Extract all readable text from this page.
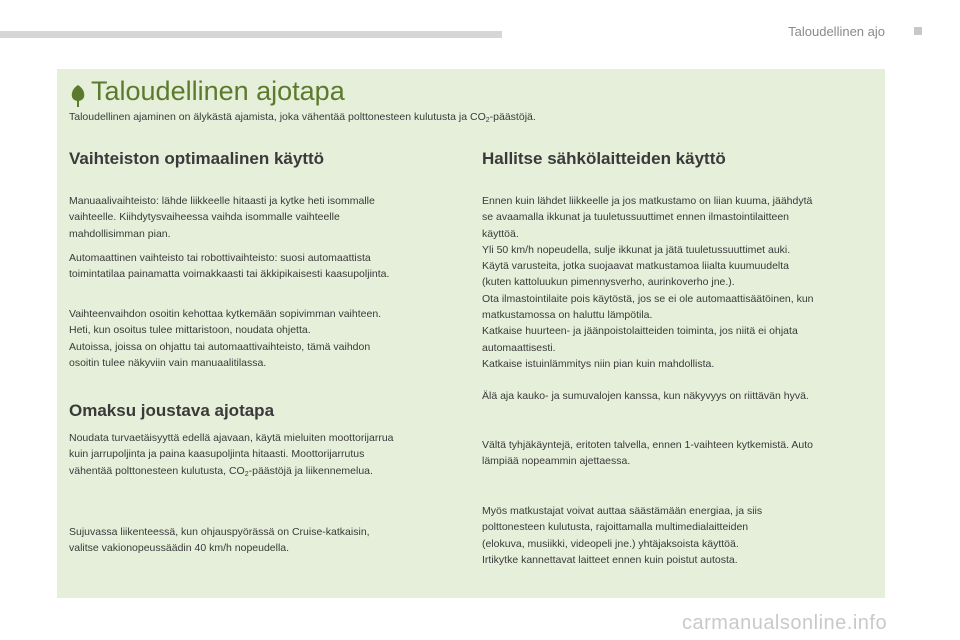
Taloudellinen ajo
Taloudellinen ajotapa
Taloudellinen ajaminen on älykästä ajamista, joka vähentää polttonesteen kulutusta ja $CO_2$-päästöjä.
Vaihteiston optimaalinen käyttö
Manuaalivaihteisto: lähde liikkeelle hitaasti ja kytke heti isommalle
vaihteelle. Kiihdytysvaiheessa vaihda isommalle vaihteelle
mahdollisimman pian.
Automaattinen vaihteisto tai robottivaihteisto: suosi automaattista
toimintatilaa painamatta voimakkaasti tai äkkipikaisesti kaasupoljinta.
Vaihteenvaihdon osoitin kehottaa kytkemään sopivimman vaihteen.
Heti, kun osoitus tulee mittaristoon, noudata ohjetta.
Autoissa, joissa on ohjattu tai automaattivaihteisto, tämä vaihdon
osoitin tulee näkyviin vain manuaalitilassa.
Omaksu joustava ajotapa
Noudata turvaetäisyyttä edellä ajavaan, käytä mieluiten moottorijarrua
kuin jarrupoljinta ja paina kaasupoljinta hitaasti. Moottorijarrutus
vähentää polttonesteen kulutusta, $CO_2$-päästöjä ja liikennemelua.
Sujuvassa liikenteessä, kun ohjauspyörässä on Cruise-katkaisin,
valitse vakionopeussäädin 40 km/h nopeudella.
Hallitse sähkölaitteiden käyttö
Ennen kuin lähdet liikkeelle ja jos matkustamo on liian kuuma, jäähdytä
se avaamalla ikkunat ja tuuletussuuttimet ennen ilmastointilaitteen
käyttöä.
Yli 50 km/h nopeudella, sulje ikkunat ja jätä tuuletussuuttimet auki.
Käytä varusteita, jotka suojaavat matkustamoa liialta kuumuudelta
(kuten kattoluukun pimennysverho, aurinkoverho jne.).
Ota ilmastointilaite pois käytöstä, jos se ei ole automaattisäätöinen, kun
matkustamossa on haluttu lämpötila.
Katkaise huurteen- ja jäänpoistolaitteiden toiminta, jos niitä ei ohjata
automaattisesti.
Katkaise istuinlämmitys niin pian kuin mahdollista.
Älä aja kauko- ja sumuvalojen kanssa, kun näkyvyys on riittävän hyvä.
Vältä tyhjäkäyntejä, eritoten talvella, ennen 1-vaihteen kytkemistä. Auto
lämpiää nopeammin ajettaessa.
Myös matkustajat voivat auttaa säästämään energiaa, ja siis
polttonesteen kulutusta, rajoittamalla multimedialaitteiden
(elokuva, musiikki, videopeli jne.) yhtäjaksoista käyttöä.
Irtikytke kannettavat laitteet ennen kuin poistut autosta.
carmanualsonline.info
